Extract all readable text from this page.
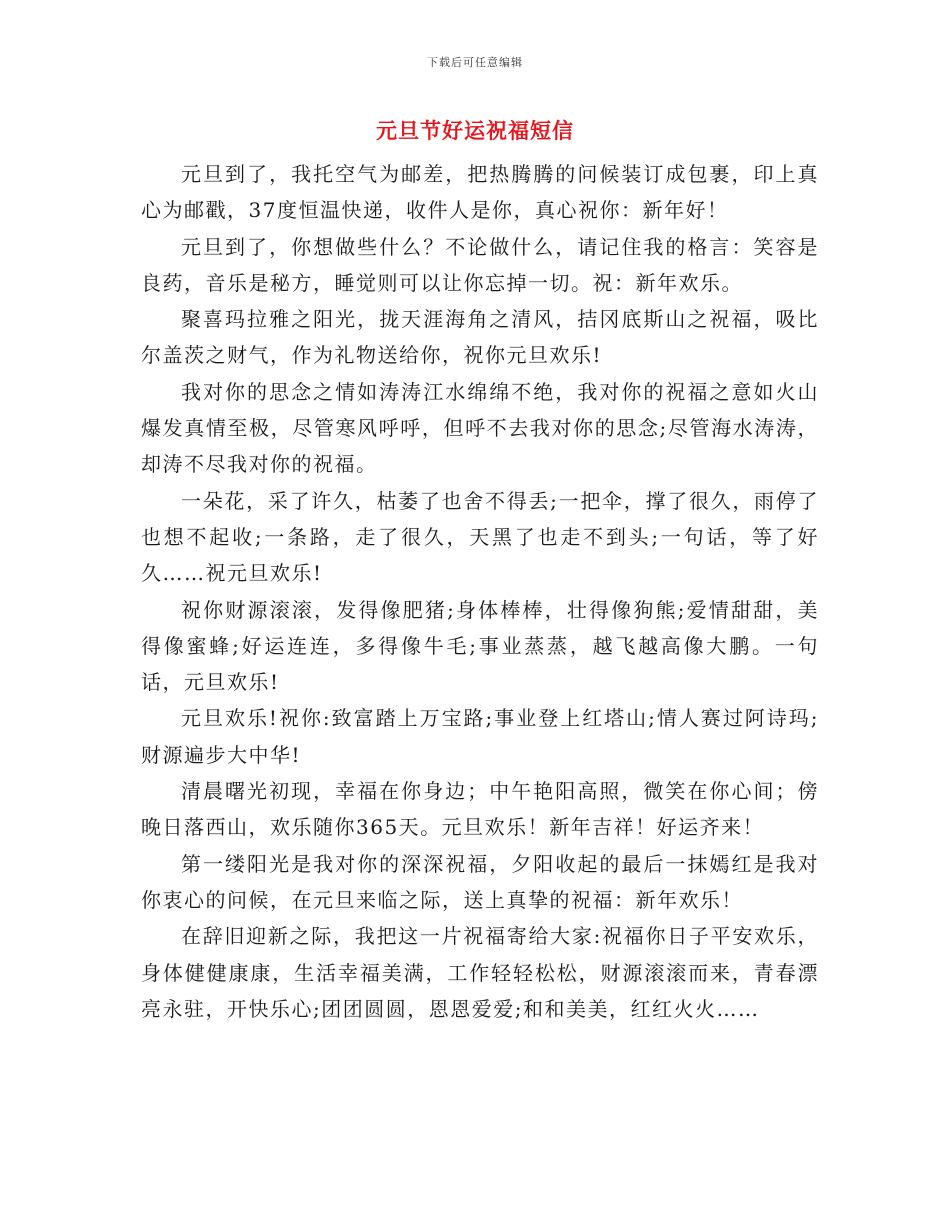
下载后可任意编辑
元旦节好运祝福短信

元旦到了，我托空气为邮差，把热腾腾的问候装订成包裹，印上真心为邮戳，37度恒温快递，收件人是你，真心祝你：新年好！

元旦到了，你想做些什么？不论做什么，请记住我的格言：笑容是良药，音乐是秘方，睡觉则可以让你忘掉一切。祝：新年欢乐。

聚喜玛拉雅之阳光，拢天涯海角之清风，拮冈底斯山之祝福，吸比尔盖茨之财气，作为礼物送给你，祝你元旦欢乐!

我对你的思念之情如涛涛江水绵绵不绝，我对你的祝福之意如火山爆发真情至极，尽管寒风呼呼，但呼不去我对你的思念;尽管海水涛涛，却涛不尽我对你的祝福。

一朵花，采了许久，枯萎了也舍不得丢;一把伞，撑了很久，雨停了也想不起收;一条路，走了很久，天黑了也走不到头;一句话，等了好久……祝元旦欢乐!

祝你财源滚滚，发得像肥猪;身体棒棒，壮得像狗熊;爱情甜甜，美得像蜜蜂;好运连连，多得像牛毛;事业蒸蒸，越飞越高像大鹏。一句话，元旦欢乐!

元旦欢乐!祝你:致富踏上万宝路;事业登上红塔山;情人赛过阿诗玛;财源遍步大中华!

清晨曙光初现，幸福在你身边；中午艳阳高照，微笑在你心间；傍晚日落西山，欢乐随你365天。元旦欢乐！新年吉祥！好运齐来！

第一缕阳光是我对你的深深祝福，夕阳收起的最后一抹嫣红是我对你衷心的问候，在元旦来临之际，送上真挚的祝福：新年欢乐！

在辞旧迎新之际，我把这一片祝福寄给大家:祝福你日子平安欢乐，身体健健康康，生活幸福美满，工作轻轻松松，财源滚滚而来，青春漂亮永驻，开快乐心;团团圆圆，恩恩爱爱;和和美美，红红火火……
